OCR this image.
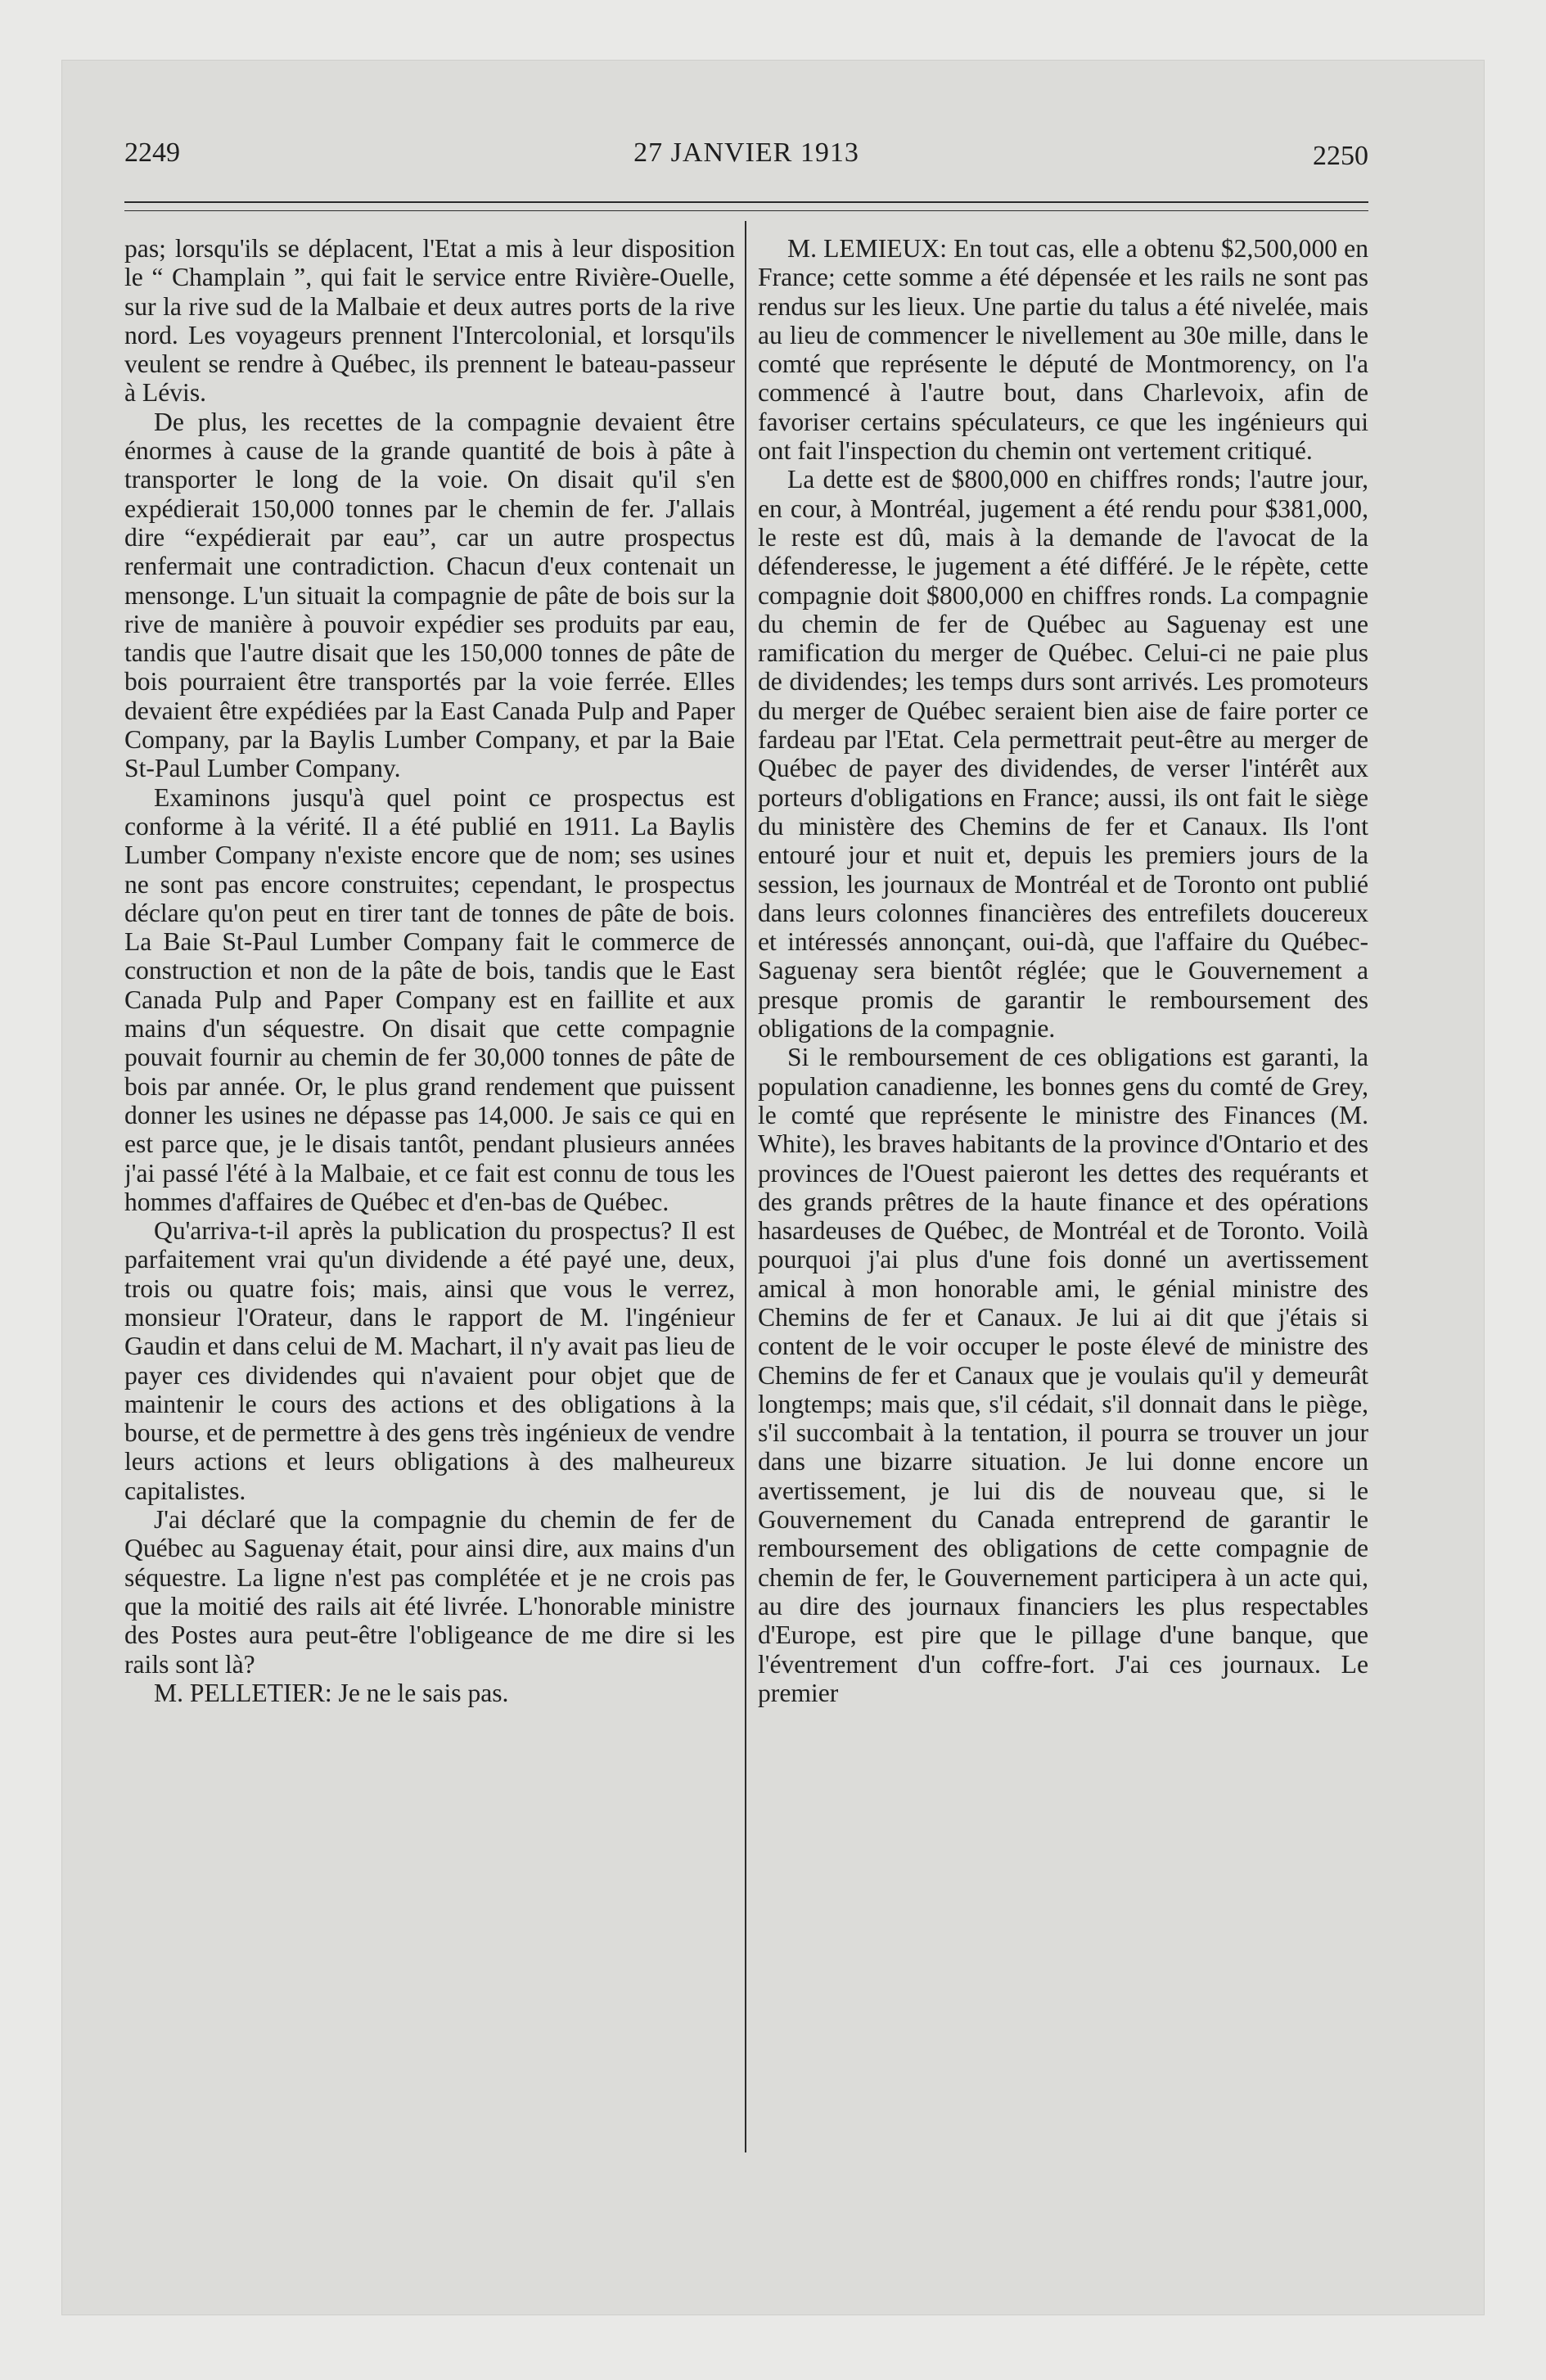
2249	27 JANVIER 1913	2250

pas; lorsqu'ils se déplacent, l'Etat a mis à leur disposition le “ Champlain ”, qui fait le service entre Rivière-Ouelle, sur la rive sud de la Malbaie et deux autres ports de la rive nord. Les voyageurs prennent l'Intercolonial, et lorsqu'ils veulent se rendre à Québec, ils prennent le bateau-passeur à Lévis.

De plus, les recettes de la compagnie devaient être énormes à cause de la grande quantité de bois à pâte à transporter le long de la voie. On disait qu'il s'en expédierait 150,000 tonnes par le chemin de fer. J'allais dire “expédierait par eau”, car un autre prospectus renfermait une contradiction. Chacun d'eux contenait un mensonge. L'un situait la compagnie de pâte de bois sur la rive de manière à pouvoir expédier ses produits par eau, tandis que l'autre disait que les 150,000 tonnes de pâte de bois pourraient être transportés par la voie ferrée. Elles devaient être expédiées par la East Canada Pulp and Paper Company, par la Baylis Lumber Company, et par la Baie St-Paul Lumber Company.

Examinons jusqu'à quel point ce prospectus est conforme à la vérité. Il a été publié en 1911. La Baylis Lumber Company n'existe encore que de nom; ses usines ne sont pas encore construites; cependant, le prospectus déclare qu'on peut en tirer tant de tonnes de pâte de bois. La Baie St-Paul Lumber Company fait le commerce de construction et non de la pâte de bois, tandis que le East Canada Pulp and Paper Company est en faillite et aux mains d'un séquestre. On disait que cette compagnie pouvait fournir au chemin de fer 30,000 tonnes de pâte de bois par année. Or, le plus grand rendement que puissent donner les usines ne dépasse pas 14,000. Je sais ce qui en est parce que, je le disais tantôt, pendant plusieurs années j'ai passé l'été à la Malbaie, et ce fait est connu de tous les hommes d'affaires de Québec et d'en-bas de Québec.

Qu'arriva-t-il après la publication du prospectus? Il est parfaitement vrai qu'un dividende a été payé une, deux, trois ou quatre fois; mais, ainsi que vous le verrez, monsieur l'Orateur, dans le rapport de M. l'ingénieur Gaudin et dans celui de M. Machart, il n'y avait pas lieu de payer ces dividendes qui n'avaient pour objet que de maintenir le cours des actions et des obligations à la bourse, et de permettre à des gens très ingénieux de vendre leurs actions et leurs obligations à des malheureux capitalistes.

J'ai déclaré que la compagnie du chemin de fer de Québec au Saguenay était, pour ainsi dire, aux mains d'un séquestre. La ligne n'est pas complétée et je ne crois pas que la moitié des rails ait été livrée. L'honorable ministre des Postes aura peut-être l'obligeance de me dire si les rails sont là?

M. PELLETIER: Je ne le sais pas.

M. LEMIEUX: En tout cas, elle a obtenu $2,500,000 en France; cette somme a été dépensée et les rails ne sont pas rendus sur les lieux. Une partie du talus a été nivelée, mais au lieu de commencer le nivellement au 30e mille, dans le comté que représente le député de Montmorency, on l'a commencé à l'autre bout, dans Charlevoix, afin de favoriser certains spéculateurs, ce que les ingénieurs qui ont fait l'inspection du chemin ont vertement critiqué.

La dette est de $800,000 en chiffres ronds; l'autre jour, en cour, à Montréal, jugement a été rendu pour $381,000, le reste est dû, mais à la demande de l'avocat de la défenderesse, le jugement a été différé. Je le répète, cette compagnie doit $800,000 en chiffres ronds. La compagnie du chemin de fer de Québec au Saguenay est une ramification du merger de Québec. Celui-ci ne paie plus de dividendes; les temps durs sont arrivés. Les promoteurs du merger de Québec seraient bien aise de faire porter ce fardeau par l'Etat. Cela permettrait peut-être au merger de Québec de payer des dividendes, de verser l'intérêt aux porteurs d'obligations en France; aussi, ils ont fait le siège du ministère des Chemins de fer et Canaux. Ils l'ont entouré jour et nuit et, depuis les premiers jours de la session, les journaux de Montréal et de Toronto ont publié dans leurs colonnes financières des entrefilets doucereux et intéressés annonçant, oui-dà, que l'affaire du Québec-Saguenay sera bientôt réglée; que le Gouvernement a presque promis de garantir le remboursement des obligations de la compagnie.

Si le remboursement de ces obligations est garanti, la population canadienne, les bonnes gens du comté de Grey, le comté que représente le ministre des Finances (M. White), les braves habitants de la province d'Ontario et des provinces de l'Ouest paieront les dettes des requérants et des grands prêtres de la haute finance et des opérations hasardeuses de Québec, de Montréal et de Toronto. Voilà pourquoi j'ai plus d'une fois donné un avertissement amical à mon honorable ami, le génial ministre des Chemins de fer et Canaux. Je lui ai dit que j'étais si content de le voir occuper le poste élevé de ministre des Chemins de fer et Canaux que je voulais qu'il y demeurât longtemps; mais que, s'il cédait, s'il donnait dans le piège, s'il succombait à la tentation, il pourra se trouver un jour dans une bizarre situation. Je lui donne encore un avertissement, je lui dis de nouveau que, si le Gouvernement du Canada entreprend de garantir le remboursement des obligations de cette compagnie de chemin de fer, le Gouvernement participera à un acte qui, au dire des journaux financiers les plus respectables d'Europe, est pire que le pillage d'une banque, que l'éventrement d'un coffre-fort. J'ai ces journaux. Le premier
